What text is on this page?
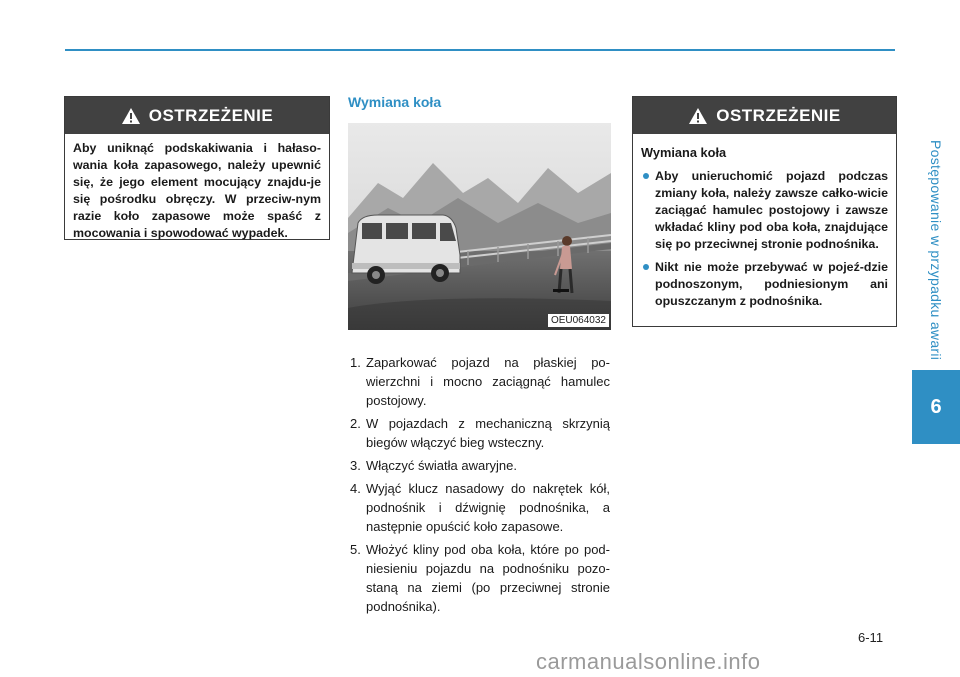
Postępowanie w przypadku awarii
6
OSTRZEŻENIE
Aby uniknąć podskakiwania i hałaso-wania koła zapasowego, należy upewnić się, że jego element mocujący znajdu-je się pośrodku obręczy. W przeciw-nym razie koło zapasowe może spaść z mocowania i spowodować wypadek.
Wymiana koła
OEU064032
1. Zaparkować pojazd na płaskiej po-wierzchni i mocno zaciągnąć hamulec postojowy.
2. W pojazdach z mechaniczną skrzynią biegów włączyć bieg wsteczny.
3. Włączyć światła awaryjne.
4. Wyjąć klucz nasadowy do nakrętek kół, podnośnik i dźwignię podnośnika, a następnie opuścić koło zapasowe.
5. Włożyć kliny pod oba koła, które po pod-niesieniu pojazdu na podnośniku pozo-staną na ziemi (po przeciwnej stronie podnośnika).
OSTRZEŻENIE
Wymiana koła
Aby unieruchomić pojazd podczas zmiany koła, należy zawsze całko-wicie zaciągać hamulec postojowy i zawsze wkładać kliny pod oba koła, znajdujące się po przeciwnej stronie podnośnika.
Nikt nie może przebywać w pojeź-dzie podnoszonym, podniesionym ani opuszczanym z podnośnika.
6-11
carmanualsonline.info
